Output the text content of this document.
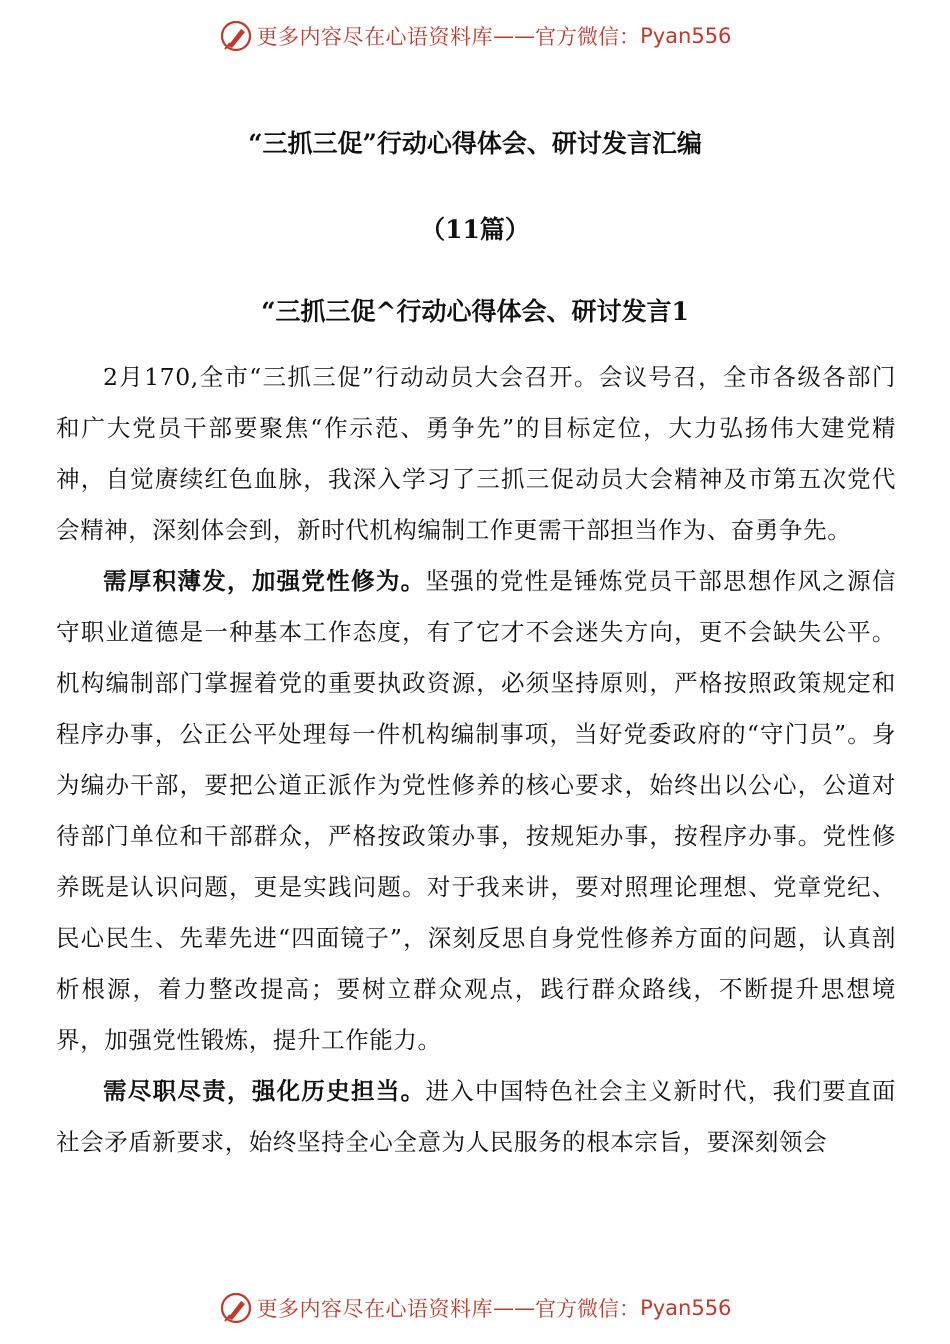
更多内容尽在心语资料库 —— 官方微信： Pyan556
“三抓三促”行动心得体会、研讨发言汇编
（11篇）
“三抓三促^行动心得体会、研讨发言1

2月170,全市“三抓三促”行动动员大会召开。会议号召，全市各级各部门和广大党员干部要聚焦“作示范、勇争先”的目标定位，大力弘扬伟大建党精神，自觉赓续红色血脉，我深入学习了三抓三促动员大会精神及市第五次党代会精神，深刻体会到，新时代机构编制工作更需干部担当作为、奋勇争先。

需厚积薄发，加强党性修为。坚强的党性是锤炼党员干部思想作风之源信守职业道德是一种基本工作态度，有了它才不会迷失方向，更不会缺失公平。机构编制部门掌握着党的重要执政资源，必须坚持原则，严格按照政策规定和程序办事，公正公平处理每一件机构编制事项，当好党委政府的“守门员”。身为编办干部，要把公道正派作为党性修养的核心要求，始终出以公心，公道对待部门单位和干部群众，严格按政策办事，按规矩办事，按程序办事。党性修养既是认识问题，更是实践问题。对于我来讲，要对照理论理想、党章党纪、民心民生、先辈先进“四面镜子”，深刻反思自身党性修养方面的问题，认真剖析根源，着力整改提高；要树立群众观点，践行群众路线，不断提升思想境界，加强党性锻炼，提升工作能力。

需尽职尽责，强化历史担当。进入中国特色社会主义新时代，我们要直面社会矛盾新要求，始终坚持全心全意为人民服务的根本宗旨，要深刻领会

更多内容尽在心语资料库 —— 官方微信： Pyan556
